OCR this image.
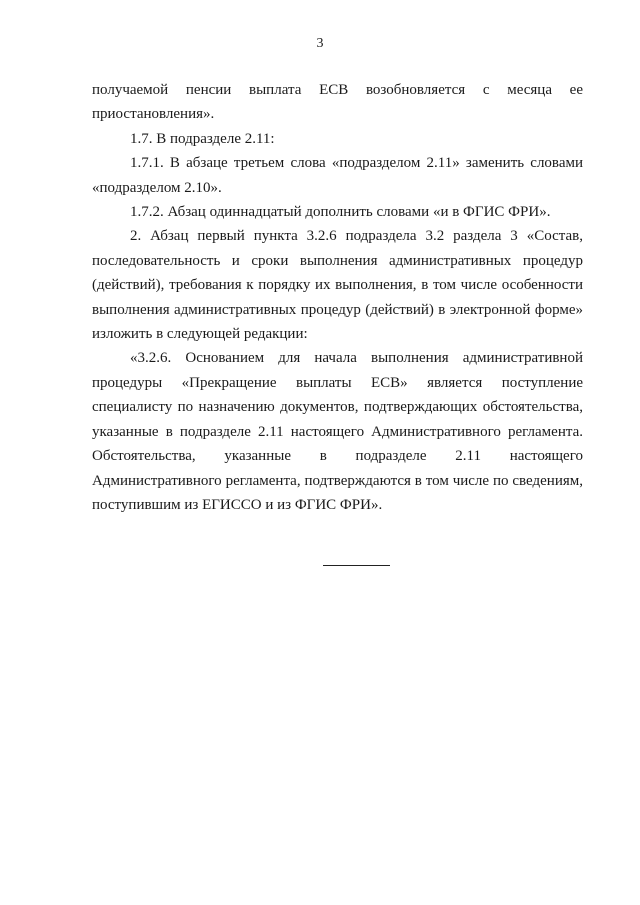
3

получаемой пенсии выплата ЕСВ возобновляется с месяца ее приостановления».

1.7. В подразделе 2.11:

1.7.1. В абзаце третьем слова «подразделом 2.11» заменить словами «подразделом 2.10».

1.7.2. Абзац одиннадцатый дополнить словами «и в ФГИС ФРИ».

2. Абзац первый пункта 3.2.6 подраздела 3.2 раздела 3 «Состав, последовательность и сроки выполнения административных процедур (действий), требования к порядку их выполнения, в том числе особенности выполнения административных процедур (действий) в электронной форме» изложить в следующей редакции:

«3.2.6. Основанием для начала выполнения административной процедуры «Прекращение выплаты ЕСВ» является поступление специалисту по назначению документов, подтверждающих обстоятельства, указанные в подразделе 2.11 настоящего Административного регламента. Обстоятельства, указанные в подразделе 2.11 настоящего Административного регламента, подтверждаются в том числе по сведениям, поступившим из ЕГИССО и из ФГИС ФРИ».
